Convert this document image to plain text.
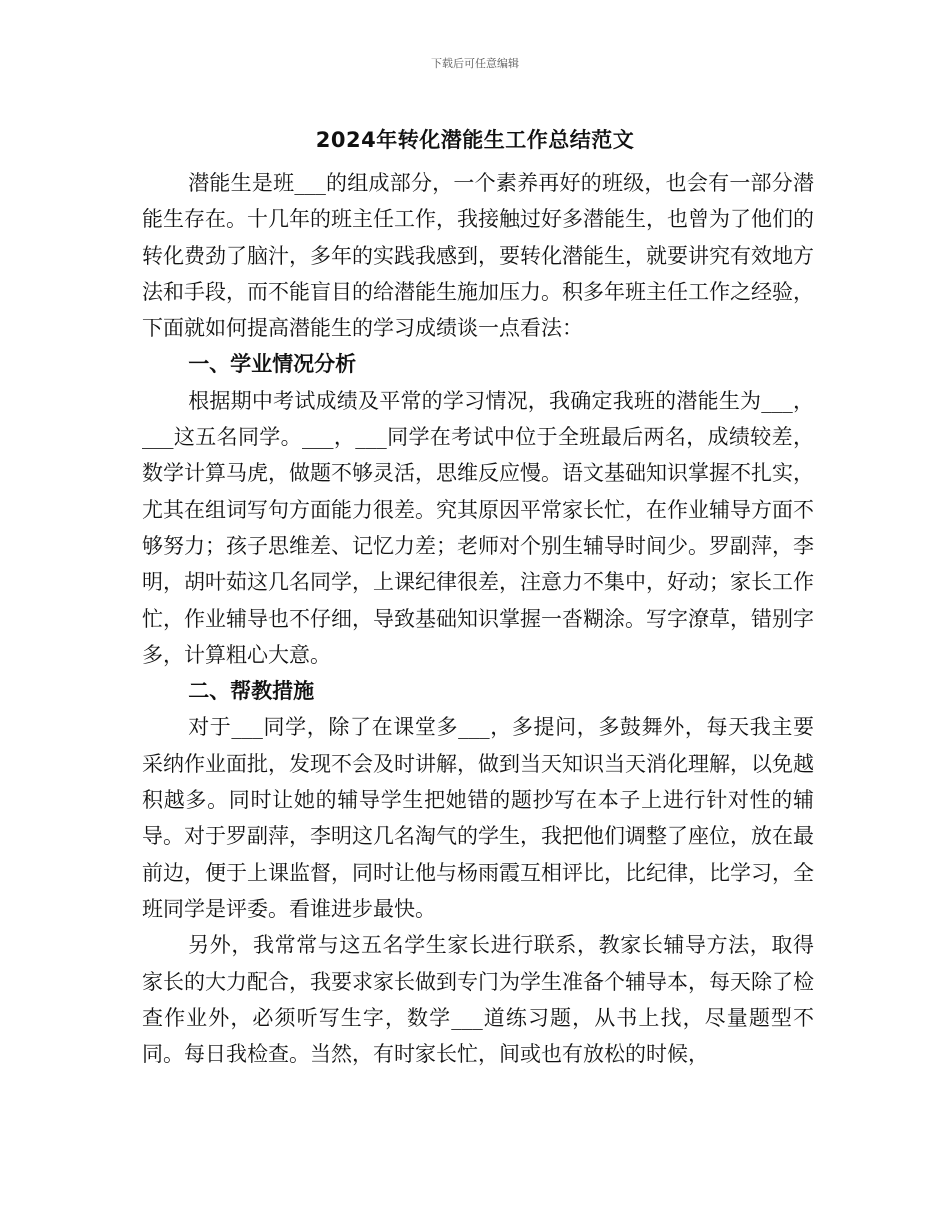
下载后可任意编辑
2024年转化潜能生工作总结范文

潜能生是班___的组成部分，一个素养再好的班级，也会有一部分潜能生存在。十几年的班主任工作，我接触过好多潜能生，也曾为了他们的转化费劲了脑汁，多年的实践我感到，要转化潜能生，就要讲究有效地方法和手段，而不能盲目的给潜能生施加压力。积多年班主任工作之经验，下面就如何提高潜能生的学习成绩谈一点看法：

一、学业情况分析

根据期中考试成绩及平常的学习情况，我确定我班的潜能生为___，___这五名同学。___，___同学在考试中位于全班最后两名，成绩较差，数学计算马虎，做题不够灵活，思维反应慢。语文基础知识掌握不扎实，尤其在组词写句方面能力很差。究其原因平常家长忙，在作业辅导方面不够努力；孩子思维差、记忆力差；老师对个别生辅导时间少。罗副萍，李明，胡叶茹这几名同学，上课纪律很差，注意力不集中，好动；家长工作忙，作业辅导也不仔细，导致基础知识掌握一沓糊涂。写字潦草，错别字多，计算粗心大意。

二、帮教措施

对于___同学，除了在课堂多___，多提问，多鼓舞外，每天我主要采纳作业面批，发现不会及时讲解，做到当天知识当天消化理解，以免越积越多。同时让她的辅导学生把她错的题抄写在本子上进行针对性的辅导。对于罗副萍，李明这几名淘气的学生，我把他们调整了座位，放在最前边，便于上课监督，同时让他与杨雨霞互相评比，比纪律，比学习，全班同学是评委。看谁进步最快。

另外，我常常与这五名学生家长进行联系，教家长辅导方法，取得家长的大力配合，我要求家长做到专门为学生准备个辅导本，每天除了检查作业外，必须听写生字，数学___道练习题，从书上找，尽量题型不同。每日我检查。当然，有时家长忙，间或也有放松的时候，
